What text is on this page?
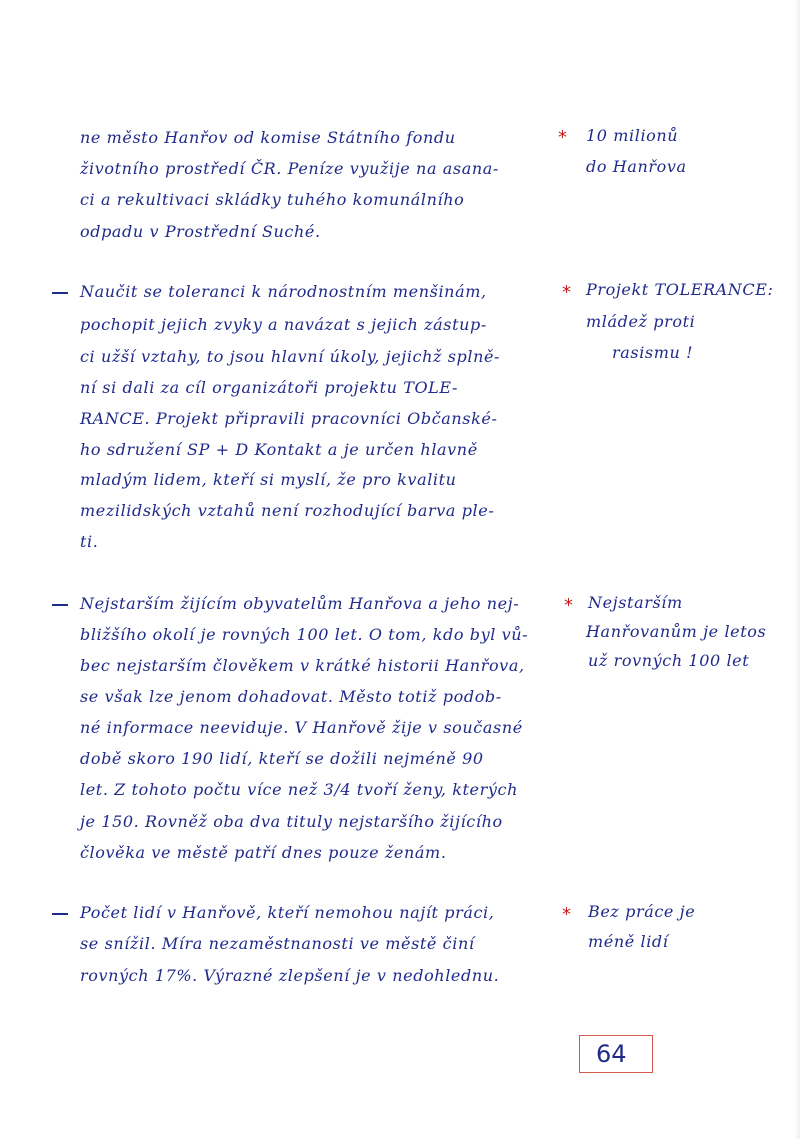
ne město Hanřov od komise Státního fondu
životního prostředí ČR. Peníze využije na asana-
ci a rekultivaci skládky tuhého komunálního
odpadu v Prostřední Suché.
* 10 milionů
do Hanřova
Naučit se toleranci k národnostním menšinám,
pochopit jejich zvyky a navázat s jejich zástup-
ci užší vztahy, to jsou hlavní úkoly, jejichž splně-
ní si dali za cíl organizátoři projektu TOLE-
RANCE. Projekt připravili pracovníci Občanské-
ho sdružení SP + D Kontakt a je určen hlavně
mladým lidem, kteří si myslí, že pro kvalitu
mezilidských vztahů není rozhodující barva ple-
ti.
* Projekt TOLERANCE:
mládež proti
rasismu !
Nejstarším žijícím obyvatelům Hanřova a jeho nej-
bližšího okolí je rovných 100 let. O tom, kdo byl vů-
bec nejstarším člověkem v krátké historii Hanřova,
se však lze jenom dohadovat. Město totiž podob-
né informace neeviduje. V Hanřově žije v současné
době skoro 190 lidí, kteří se dožili nejméně 90
let. Z tohoto počtu více než 3/4 tvoří ženy, kterých
je 150. Rovněž oba dva tituly nejstaršího žijícího
člověka ve městě patří dnes pouze ženám.
* Nejstarším
Hanřovanům je letos
už rovných 100 let
Počet lidí v Hanřově, kteří nemohou najít práci,
se snížil. Míra nezaměstnanosti ve městě činí
rovných 17%. Výrazné zlepšení je v nedohlednu.
* Bez práce je
méně lidí
64
